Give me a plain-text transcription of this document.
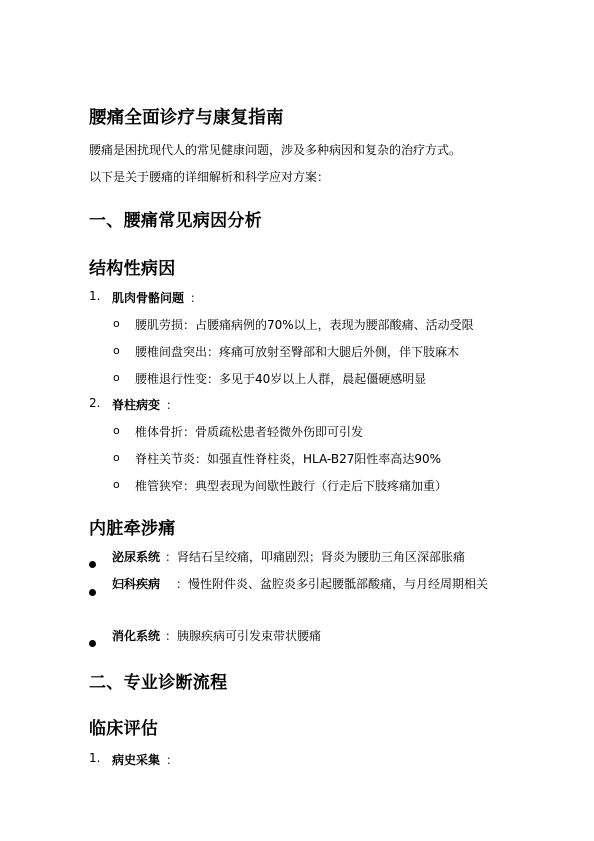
腰痛全面诊疗与康复指南
腰痛是困扰现代人的常见健康问题，涉及多种病因和复杂的治疗方式。
以下是关于腰痛的详细解析和科学应对方案：
一、腰痛常见病因分析
结构性病因
1. 肌肉骨骼问题 ：
o 腰肌劳损：占腰痛病例的70%以上，表现为腰部酸痛、活动受限
o 腰椎间盘突出：疼痛可放射至臀部和大腿后外侧，伴下肢麻木
o 腰椎退行性变：多见于40岁以上人群，晨起僵硬感明显
2. 脊柱病变 ：
o 椎体骨折：骨质疏松患者轻微外伤即可引发
o 脊柱关节炎：如强直性脊柱炎，HLA-B27阳性率高达90%
o 椎管狭窄：典型表现为间歇性跛行（行走后下肢疼痛加重）
内脏牵涉痛
泌尿系统 ：肾结石呈绞痛，叩痛剧烈；肾炎为腰肋三角区深部胀痛
妇科疾病 ：慢性附件炎、盆腔炎多引起腰骶部酸痛，与月经周期相关
消化系统 ：胰腺疾病可引发束带状腰痛
二、专业诊断流程
临床评估
1. 病史采集 ：
